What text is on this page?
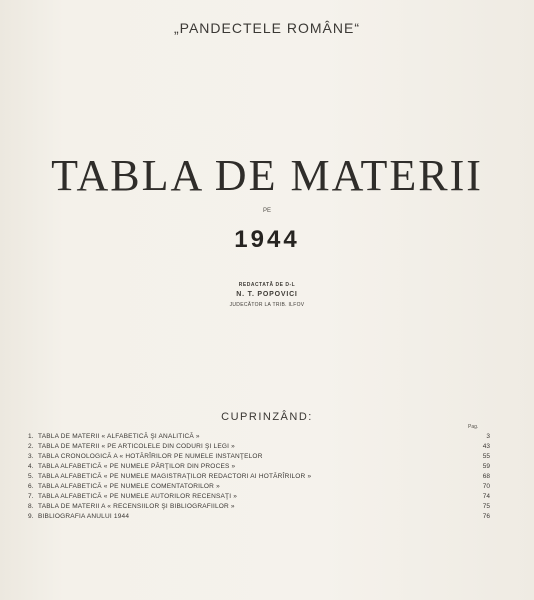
„PANDECTELE ROMÂNE“
TABLA DE MATERII
PE
1944
REDACTATĂ DE D-L
N. T. POPOVICI
JUDECĂTOR LA TRIB. ILFOV
CUPRINZÂND:
Pag.
1. TABLA DE MATERII « ALFABETICĂ ŞI ANALITICĂ »	3
2. TABLA DE MATERII « PE ARTICOLELE DIN CODURI ŞI LEGI »	43
3. TABLA CRONOLOGICĂ A « HOTĂRÎRILOR PE NUMELE INSTANŢELOR	55
4. TABLA ALFABETICĂ « PE NUMELE PĂRŢILOR DIN PROCES »	59
5. TABLA ALFABETICĂ « PE NUMELE MAGISTRAŢILOR REDACTORI AI HOTĂRÎRILOR »	68
6. TABLA ALFABETICĂ « PE NUMELE COMENTATORILOR »	70
7. TABLA ALFABETICĂ « PE NUMELE AUTORILOR RECENSAŢI »	74
8. TABLA DE MATERII A « RECENSIILOR ŞI BIBLIOGRAFIILOR »	75
9. BIBLIOGRAFIA ANULUI 1944	76
